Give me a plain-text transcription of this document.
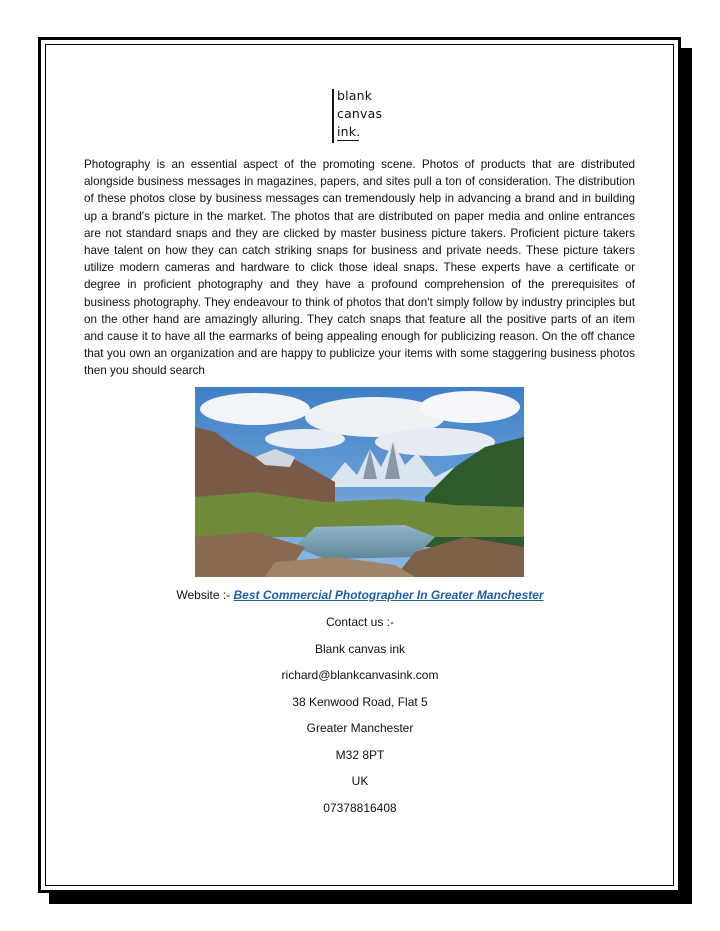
blank
canvas
ink.

Photography is an essential aspect of the promoting scene. Photos of products that are distributed alongside business messages in magazines, papers, and sites pull a ton of consideration. The distribution of these photos close by business messages can tremendously help in advancing a brand and in building up a brand's picture in the market. The photos that are distributed on paper media and online entrances are not standard snaps and they are clicked by master business picture takers. Proficient picture takers have talent on how they can catch striking snaps for business and private needs. These picture takers utilize modern cameras and hardware to click those ideal snaps. These experts have a certificate or degree in proficient photography and they have a profound comprehension of the prerequisites of business photography. They endeavour to think of photos that don't simply follow by industry principles but on the other hand are amazingly alluring. They catch snaps that feature all the positive parts of an item and cause it to have all the earmarks of being appealing enough for publicizing reason. On the off chance that you own an organization and are happy to publicize your items with some staggering business photos then you should search

Website :- Best Commercial Photographer In Greater Manchester
Contact us :-
Blank canvas ink
richard@blankcanvasink.com
38 Kenwood Road, Flat 5
Greater Manchester
M32 8PT
UK
07378816408
